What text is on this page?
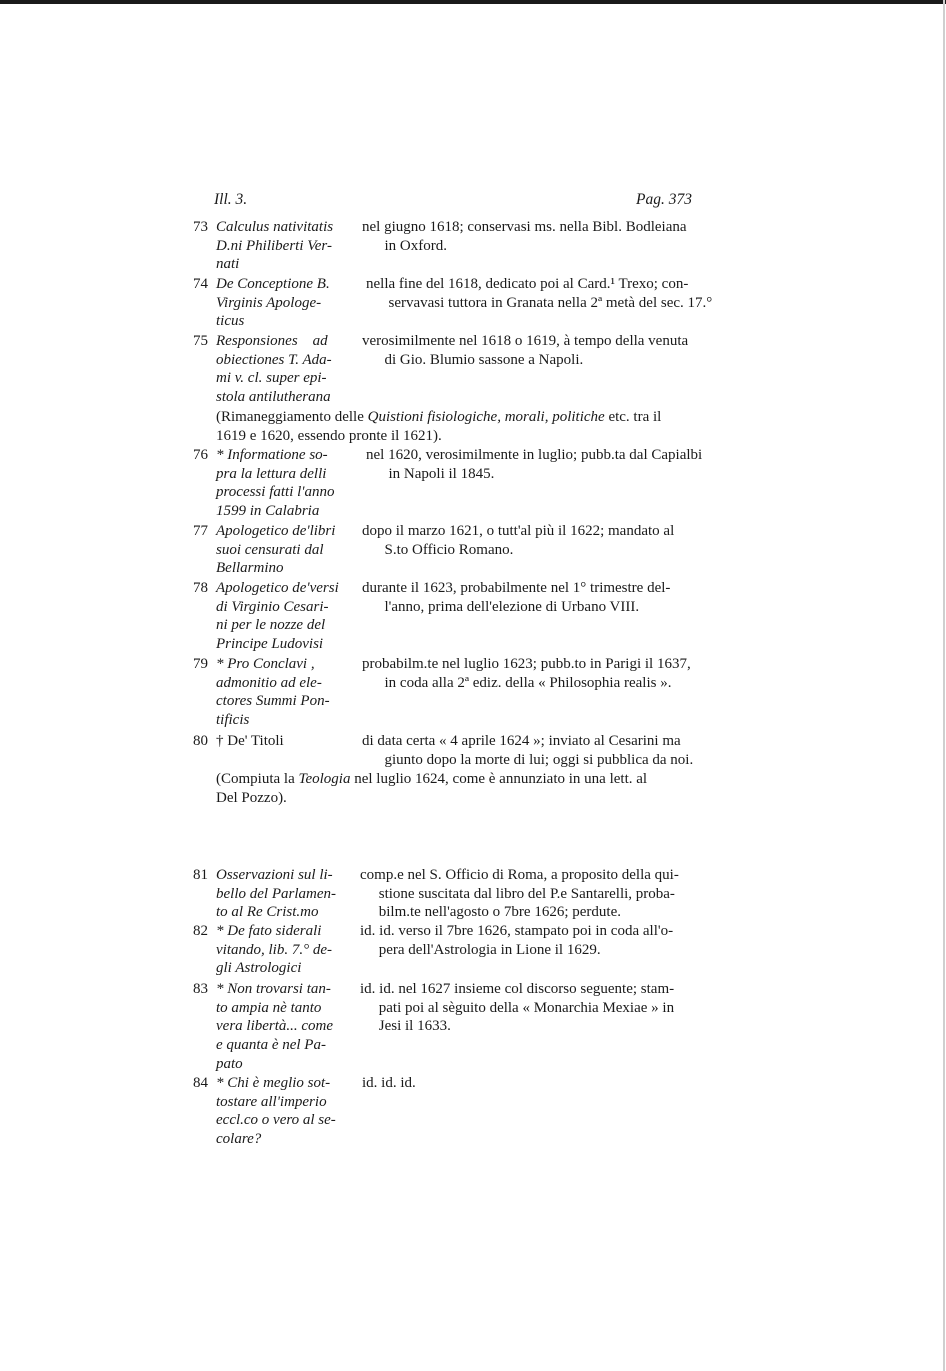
Ill. 3.	Pag. 373
73 Calculus nativitatis
D.ni Philiberti Ver-
nati
nel giugno 1618; conservasi ms. nella Bibl. Bodleiana
in Oxford.
74 De Conceptione B.
Virginis Apologe-
ticus
nella fine del 1618, dedicato poi al Card.¹ Trexo; con-
servavasi tuttora in Granata nella 2ª metà del sec. 17.°
75 Responsiones    ad
obiectiones T. Ada-
mi v. cl. super epi-
stola antilutherana
verosimilmente nel 1618 o 1619, à tempo della venuta
di Gio. Blumio sassone a Napoli.
(Rimaneggiamento delle Quistioni fisiologiche, morali, politiche etc. tra il
1619 e 1620, essendo pronte il 1621).
76 * Informatione so-
pra la lettura delli
processi fatti l'anno
1599 in Calabria
nel 1620, verosimilmente in luglio; pubb.ta dal Capialbi
in Napoli il 1845.
77 Apologetico de'libri
suoi censurati dal
Bellarmino
dopo il marzo 1621, o tutt'al più il 1622; mandato al
S.to Officio Romano.
78 Apologetico de'versi
di Virginio Cesari-
ni per le nozze del
Principe Ludovisi
durante il 1623, probabilmente nel 1° trimestre del-
l'anno, prima dell'elezione di Urbano VIII.
79 * Pro Conclavi ,
admonitio ad ele-
ctores Summi Pon-
tificis
probabilm.te nel luglio 1623; pubb.to in Parigi il 1637,
in coda alla 2ª ediz. della « Philosophia realis ».
80 † De' Titoli	di data certa « 4 aprile 1624 »; inviato al Cesarini ma
giunto dopo la morte di lui; oggi si pubblica da noi.
(Compiuta la Teologia nel luglio 1624, come è annunziato in una lett. al
Del Pozzo).
81 Osservazioni sul li-
bello del Parlamen-
to al Re Crist.mo
comp.e nel S. Officio di Roma, a proposito della qui-
stione suscitata dal libro del P.e Santarelli, proba-
bilm.te nell'agosto o 7bre 1626; perdute.
82 * De fato siderali
vitando, lib. 7.° de-
gli Astrologici
id. id. verso il 7bre 1626, stampato poi in coda all'o-
pera dell'Astrologia in Lione il 1629.
83 * Non trovarsi tan-
to ampia nè tanto
vera libertà... come
e quanta è nel Pa-
pato
id. id. nel 1627 insieme col discorso seguente; stam-
pati poi al sèguito della « Monarchia Mexiae » in
Jesi il 1633.
84 * Chi è meglio sot-
tostare all'imperio
eccl.co o vero al se-
colare?
id. id. id.
